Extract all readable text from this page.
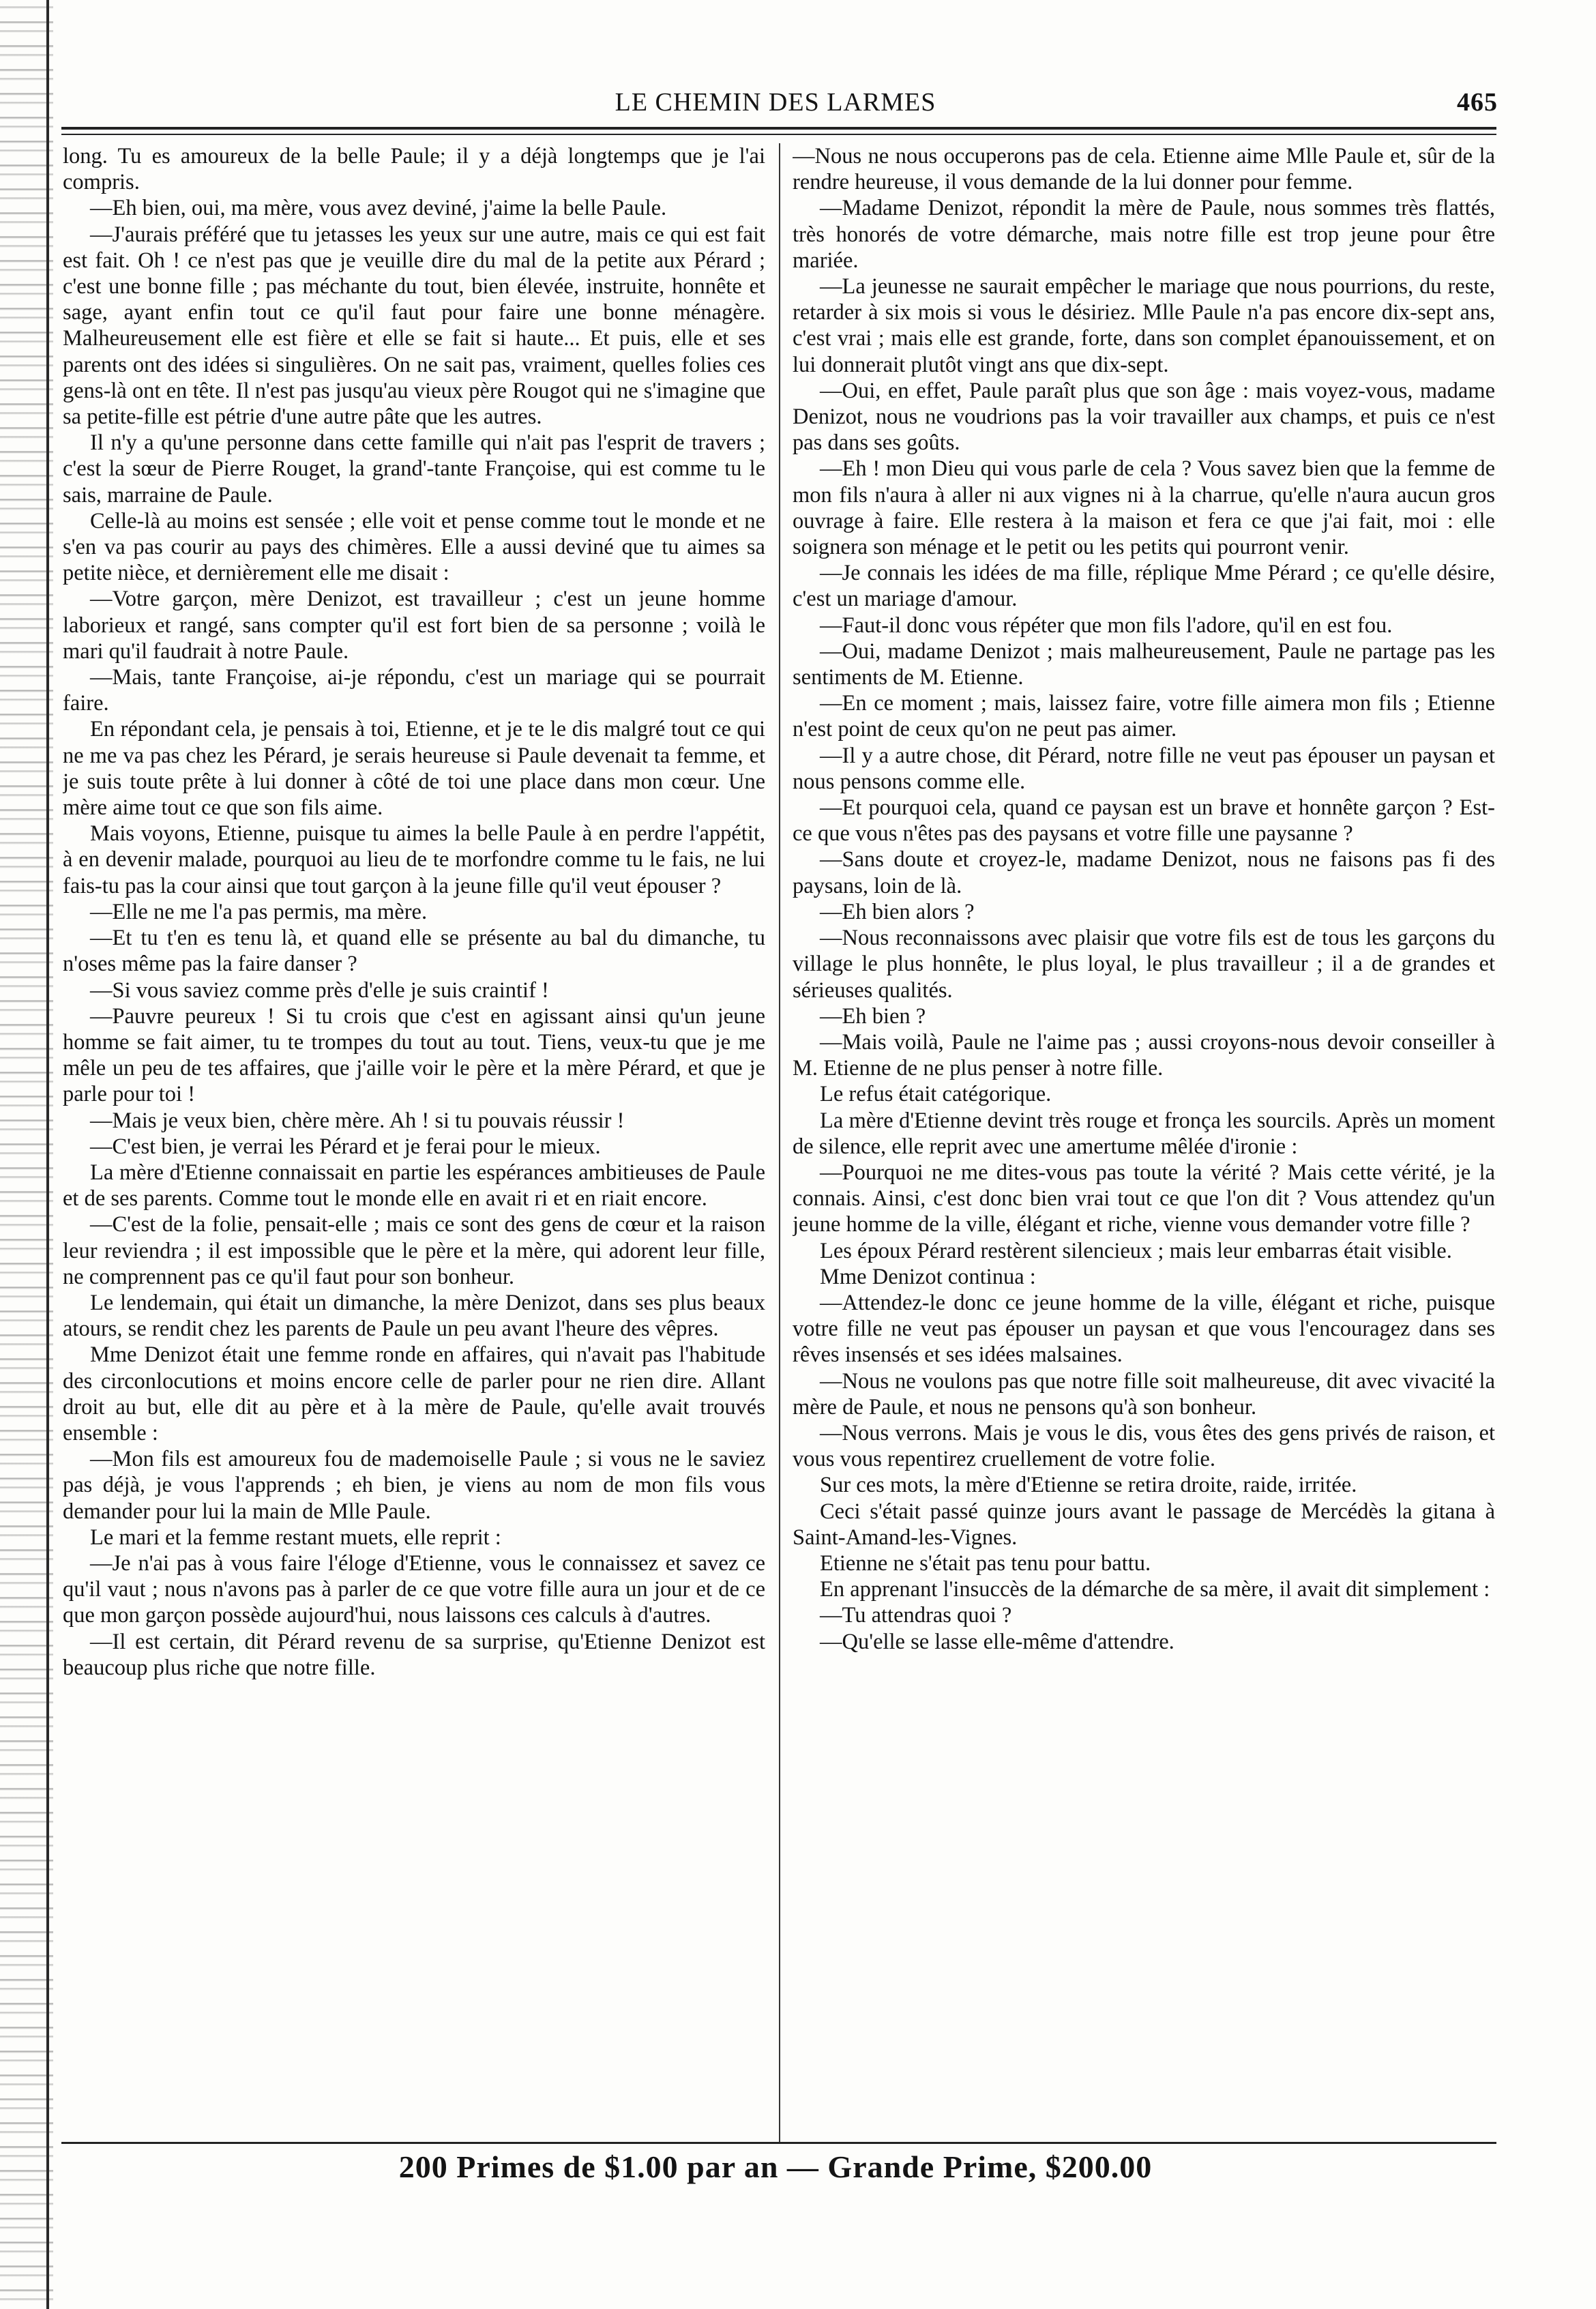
LE CHEMIN DES LARMES	465

long. Tu es amoureux de la belle Paule; il y a déjà longtemps que je l'ai compris.

—Eh bien, oui, ma mère, vous avez deviné, j'aime la belle Paule.

—J'aurais préféré que tu jetasses les yeux sur une autre, mais ce qui est fait est fait. Oh ! ce n'est pas que je veuille dire du mal de la petite aux Pérard ; c'est une bonne fille ; pas méchante du tout, bien élevée, instruite, honnête et sage, ayant enfin tout ce qu'il faut pour faire une bonne ménagère. Malheureusement elle est fière et elle se fait si haute... Et puis, elle et ses parents ont des idées si singulières. On ne sait pas, vraiment, quelles folies ces gens-là ont en tête. Il n'est pas jusqu'au vieux père Rougot qui ne s'imagine que sa petite-fille est pétrie d'une autre pâte que les autres.

Il n'y a qu'une personne dans cette famille qui n'ait pas l'esprit de travers ; c'est la sœur de Pierre Rouget, la grand'-tante Françoise, qui est comme tu le sais, marraine de Paule.

Celle-là au moins est sensée ; elle voit et pense comme tout le monde et ne s'en va pas courir au pays des chimères. Elle a aussi deviné que tu aimes sa petite nièce, et dernièrement elle me disait :

—Votre garçon, mère Denizot, est travailleur ; c'est un jeune homme laborieux et rangé, sans compter qu'il est fort bien de sa personne ; voilà le mari qu'il faudrait à notre Paule.

—Mais, tante Françoise, ai-je répondu, c'est un mariage qui se pourrait faire.

En répondant cela, je pensais à toi, Etienne, et je te le dis malgré tout ce qui ne me va pas chez les Pérard, je serais heureuse si Paule devenait ta femme, et je suis toute prête à lui donner à côté de toi une place dans mon cœur. Une mère aime tout ce que son fils aime.

Mais voyons, Etienne, puisque tu aimes la belle Paule à en perdre l'appétit, à en devenir malade, pourquoi au lieu de te morfondre comme tu le fais, ne lui fais-tu pas la cour ainsi que tout garçon à la jeune fille qu'il veut épouser ?

—Elle ne me l'a pas permis, ma mère.

—Et tu t'en es tenu là, et quand elle se présente au bal du dimanche, tu n'oses même pas la faire danser ?

—Si vous saviez comme près d'elle je suis craintif !

—Pauvre peureux ! Si tu crois que c'est en agissant ainsi qu'un jeune homme se fait aimer, tu te trompes du tout au tout. Tiens, veux-tu que je me mêle un peu de tes affaires, que j'aille voir le père et la mère Pérard, et que je parle pour toi !

—Mais je veux bien, chère mère. Ah ! si tu pouvais réussir !

—C'est bien, je verrai les Pérard et je ferai pour le mieux.

La mère d'Etienne connaissait en partie les espérances ambitieuses de Paule et de ses parents. Comme tout le monde elle en avait ri et en riait encore.

—C'est de la folie, pensait-elle ; mais ce sont des gens de cœur et la raison leur reviendra ; il est impossible que le père et la mère, qui adorent leur fille, ne comprennent pas ce qu'il faut pour son bonheur.

Le lendemain, qui était un dimanche, la mère Denizot, dans ses plus beaux atours, se rendit chez les parents de Paule un peu avant l'heure des vêpres.

Mme Denizot était une femme ronde en affaires, qui n'avait pas l'habitude des circonlocutions et moins encore celle de parler pour ne rien dire. Allant droit au but, elle dit au père et à la mère de Paule, qu'elle avait trouvés ensemble :

—Mon fils est amoureux fou de mademoiselle Paule ; si vous ne le saviez pas déjà, je vous l'apprends ; eh bien, je viens au nom de mon fils vous demander pour lui la main de Mlle Paule.

Le mari et la femme restant muets, elle reprit :

—Je n'ai pas à vous faire l'éloge d'Etienne, vous le connaissez et savez ce qu'il vaut ; nous n'avons pas à parler de ce que votre fille aura un jour et de ce que mon garçon possède aujourd'hui, nous laissons ces calculs à d'autres.

—Il est certain, dit Pérard revenu de sa surprise, qu'Etienne Denizot est beaucoup plus riche que notre fille.

—Nous ne nous occuperons pas de cela. Etienne aime Mlle Paule et, sûr de la rendre heureuse, il vous demande de la lui donner pour femme.

—Madame Denizot, répondit la mère de Paule, nous sommes très flattés, très honorés de votre démarche, mais notre fille est trop jeune pour être mariée.

—La jeunesse ne saurait empêcher le mariage que nous pourrions, du reste, retarder à six mois si vous le désiriez. Mlle Paule n'a pas encore dix-sept ans, c'est vrai ; mais elle est grande, forte, dans son complet épanouissement, et on lui donnerait plutôt vingt ans que dix-sept.

—Oui, en effet, Paule paraît plus que son âge : mais voyez-vous, madame Denizot, nous ne voudrions pas la voir travailler aux champs, et puis ce n'est pas dans ses goûts.

—Eh ! mon Dieu qui vous parle de cela ? Vous savez bien que la femme de mon fils n'aura à aller ni aux vignes ni à la charrue, qu'elle n'aura aucun gros ouvrage à faire. Elle restera à la maison et fera ce que j'ai fait, moi : elle soignera son ménage et le petit ou les petits qui pourront venir.

—Je connais les idées de ma fille, réplique Mme Pérard ; ce qu'elle désire, c'est un mariage d'amour.

—Faut-il donc vous répéter que mon fils l'adore, qu'il en est fou.

—Oui, madame Denizot ; mais malheureusement, Paule ne partage pas les sentiments de M. Etienne.

—En ce moment ; mais, laissez faire, votre fille aimera mon fils ; Etienne n'est point de ceux qu'on ne peut pas aimer.

—Il y a autre chose, dit Pérard, notre fille ne veut pas épouser un paysan et nous pensons comme elle.

—Et pourquoi cela, quand ce paysan est un brave et honnête garçon ? Est-ce que vous n'êtes pas des paysans et votre fille une paysanne ?

—Sans doute et croyez-le, madame Denizot, nous ne faisons pas fi des paysans, loin de là.

—Eh bien alors ?

—Nous reconnaissons avec plaisir que votre fils est de tous les garçons du village le plus honnête, le plus loyal, le plus travailleur ; il a de grandes et sérieuses qualités.

—Eh bien ?

—Mais voilà, Paule ne l'aime pas ; aussi croyons-nous devoir conseiller à M. Etienne de ne plus penser à notre fille.

Le refus était catégorique.

La mère d'Etienne devint très rouge et fronça les sourcils. Après un moment de silence, elle reprit avec une amertume mêlée d'ironie :

—Pourquoi ne me dites-vous pas toute la vérité ? Mais cette vérité, je la connais. Ainsi, c'est donc bien vrai tout ce que l'on dit ? Vous attendez qu'un jeune homme de la ville, élégant et riche, vienne vous demander votre fille ?

Les époux Pérard restèrent silencieux ; mais leur embarras était visible.

Mme Denizot continua :

—Attendez-le donc ce jeune homme de la ville, élégant et riche, puisque votre fille ne veut pas épouser un paysan et que vous l'encouragez dans ses rêves insensés et ses idées malsaines.

—Nous ne voulons pas que notre fille soit malheureuse, dit avec vivacité la mère de Paule, et nous ne pensons qu'à son bonheur.

—Nous verrons. Mais je vous le dis, vous êtes des gens privés de raison, et vous vous repentirez cruellement de votre folie.

Sur ces mots, la mère d'Etienne se retira droite, raide, irritée.

Ceci s'était passé quinze jours avant le passage de Mercédès la gitana à Saint-Amand-les-Vignes.

Etienne ne s'était pas tenu pour battu.

En apprenant l'insuccès de la démarche de sa mère, il avait dit simplement :

—Tu attendras quoi ?

—Qu'elle se lasse elle-même d'attendre.

200 Primes de $1.00 par an — Grande Prime, $200.00
